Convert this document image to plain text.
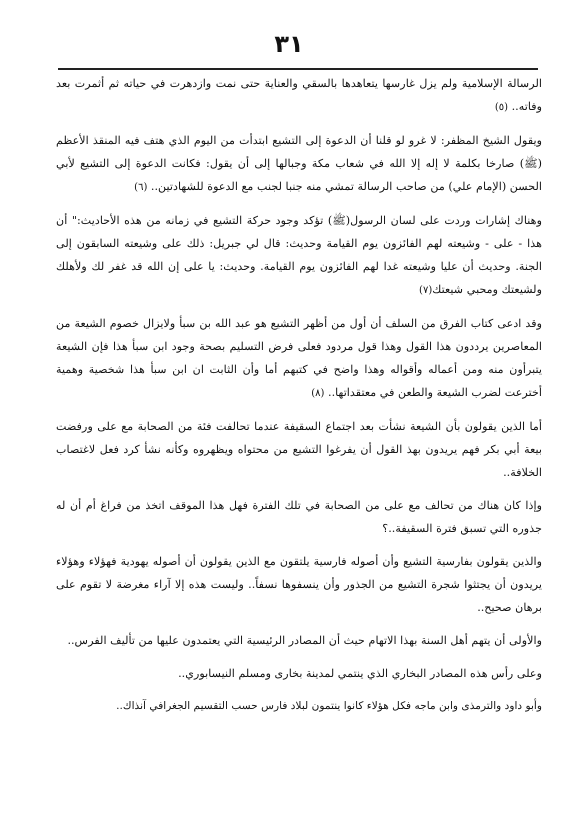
٣١

الرسالة الإسلامية ولم يزل غارسها يتعاهدها بالسقي والعناية حتى نمت وازدهرت في حياته ثم أثمرت بعد وفاته.. (٥)

ويقول الشيخ المظفر: لا غرو لو قلنا أن الدعوة إلى التشيع ابتدأت من اليوم الذي هتف فيه المنقذ الأعظم (ﷺ) صارخا بكلمة لا إله إلا الله في شعاب مكة وجبالها إلى أن يقول: فكانت الدعوة إلى التشيع لأبي الحسن (الإمام علي) من صاحب الرسالة تمشي منه جنبا لجنب مع الدعوة للشهادتين.. (٦)

وهناك إشارات وردت على لسان الرسول(ﷺ) تؤكد وجود حركة التشيع في زمانه من هذه الأحاديث:" أن هذا - على - وشيعته لهم الفائزون يوم القيامة وحديث: قال لي جبريل: ذلك على وشيعته السابقون إلى الجنة. وحديث أن عليا وشيعته غدا لهم الفائزون يوم القيامة. وحديث: يا على إن الله قد غفر لك ولأهلك ولشيعتك ومحبي شيعتك(٧)

وقد ادعى كتاب الفرق من السلف أن أول من أظهر التشيع هو عبد الله بن سبأ ولايزال خصوم الشيعة من المعاصرين يرددون هذا القول وهذا قول مردود فعلى فرض التسليم بصحة وجود ابن سبأ هذا فإن الشيعة يتبرأون منه ومن أعماله وأقواله وهذا واضح في كتبهم أما وأن الثابت ان ابن سبأ هذا شخصية وهمية أخترعت لضرب الشيعة والطعن في معتقداتها.. (٨)

أما الذين يقولون بأن الشيعة نشأت بعد اجتماع السقيفة عندما تحالفت فئة من الصحابة مع على ورفضت بيعة أبي بكر فهم يريدون بهذ القول أن يفرغوا التشيع من محتواه ويظهروه وكأنه نشأ كرد فعل لاغتصاب الخلافة..

وإذا كان هناك من تحالف مع على من الصحابة في تلك الفترة فهل هذا الموقف اتخذ من فراغ أم أن له جذوره التي تسبق فترة السقيفة..؟

والذين يقولون بفارسية التشيع وأن أصوله فارسية يلتقون مع الذين يقولون أن أصوله يهودية فهؤلاء وهؤلاء يريدون أن يجتثوا شجرة التشيع من الجذور وأن ينسفوها نسفاً.. وليست هذه إلا آراء مغرضة لا تقوم على برهان صحيح..

والأولى أن يتهم أهل السنة بهذا الاتهام حيث أن المصادر الرئيسية التي يعتمدون عليها من تأليف الفرس..

وعلى رأس هذه المصادر البخاري الذي ينتمي لمدينة بخارى ومسلم النيسابوري..

وأبو داود والترمذى وابن ماجه فكل هؤلاء كانوا ينتمون لبلاد فارس حسب التقسيم الجغرافي آنذاك..
